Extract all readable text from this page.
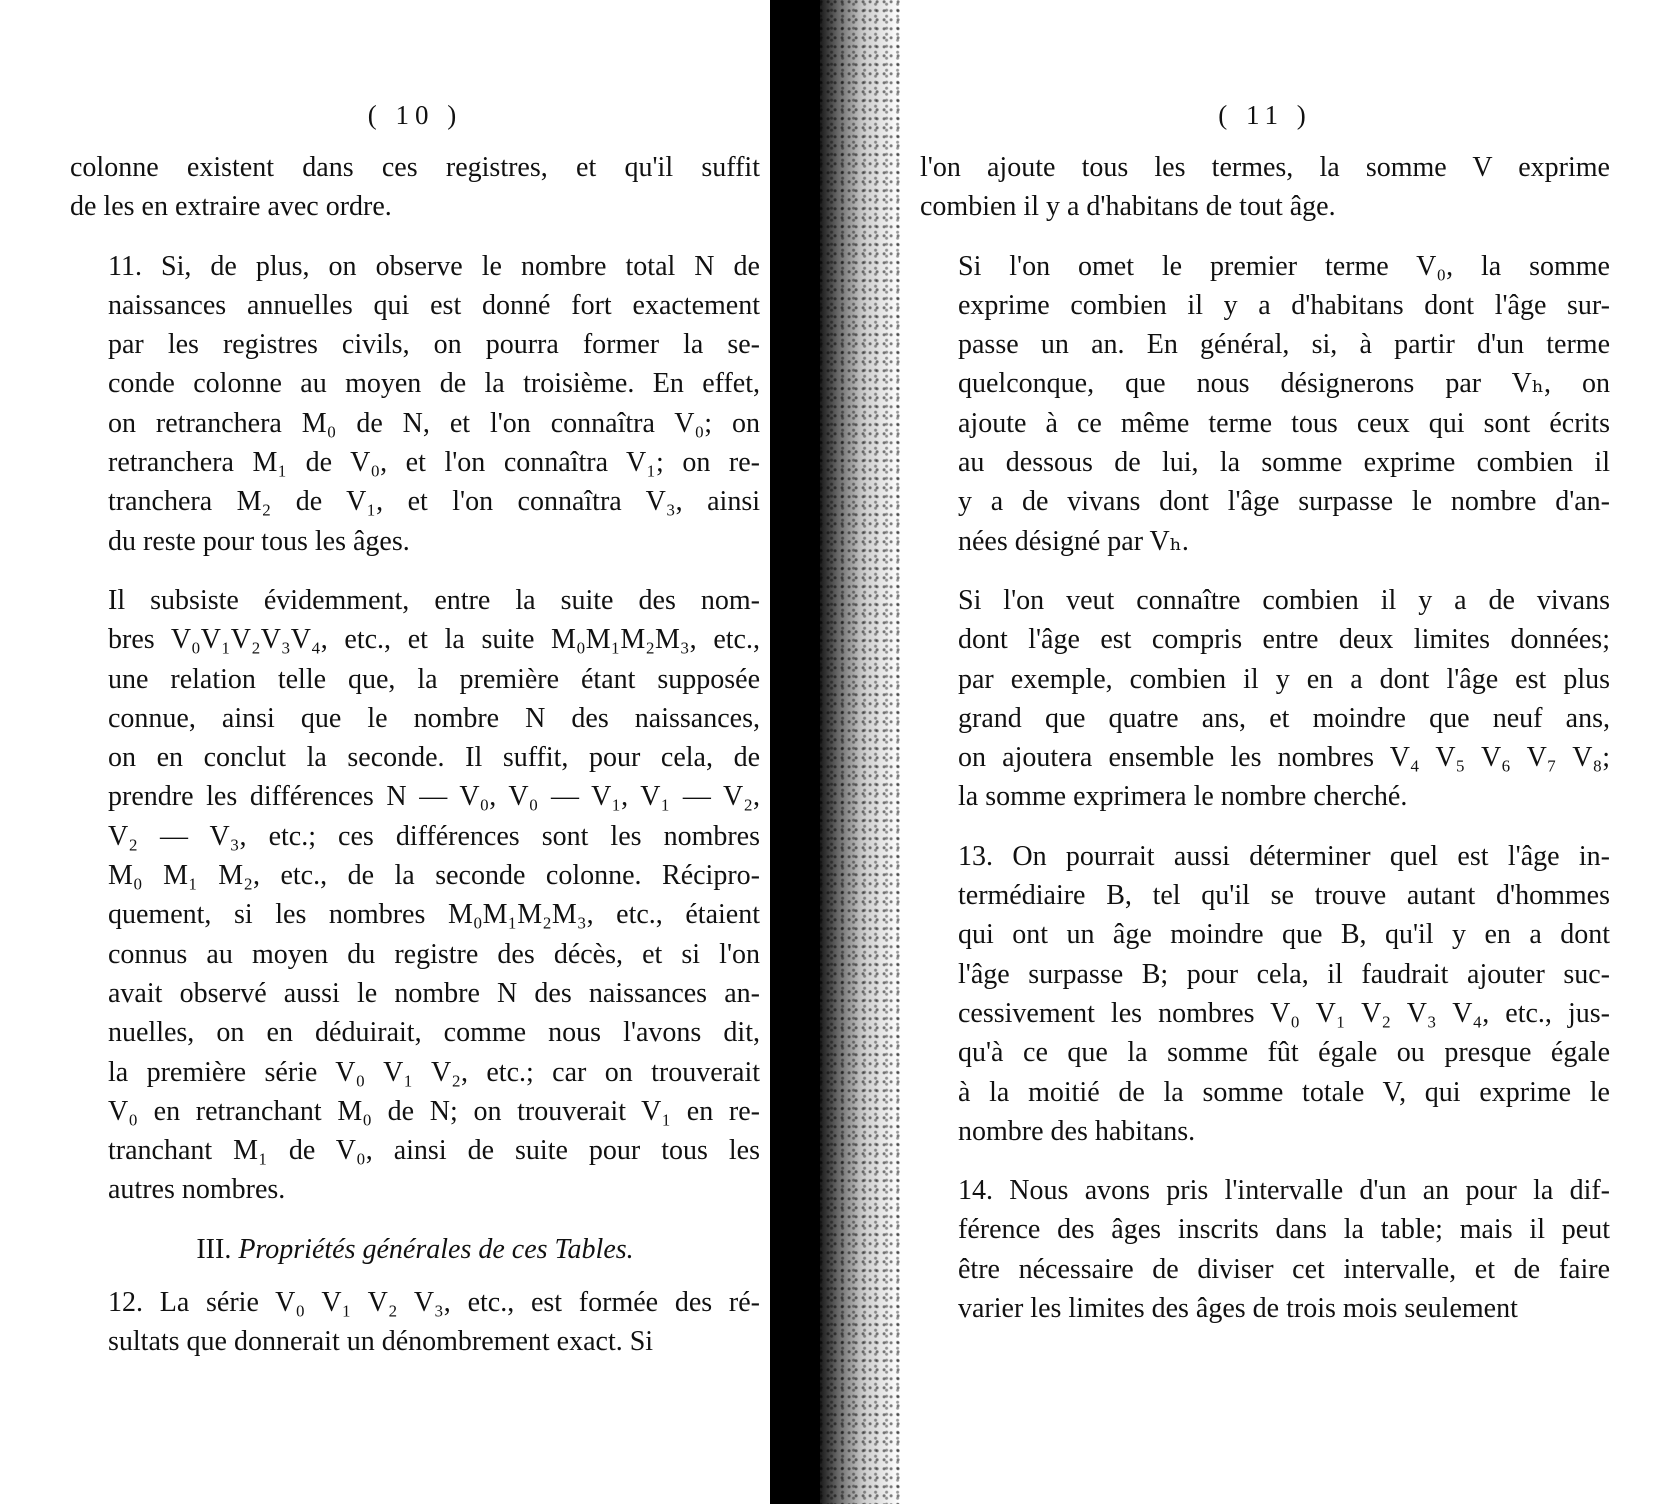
( 10 )

colonne existent dans ces registres, et qu'il suffit
de les en extraire avec ordre.

11. Si, de plus, on observe le nombre total N de
naissances annuelles qui est donné fort exactement
par les registres civils, on pourra former la se-
conde colonne au moyen de la troisième. En effet,
on retranchera M₀ de N, et l'on connaîtra V₀; on
retranchera M₁ de V₀, et l'on connaîtra V₁; on re-
tranchera M₂ de V₁, et l'on connaîtra V₃, ainsi
du reste pour tous les âges.

Il subsiste évidemment, entre la suite des nom-
bres V₀V₁V₂V₃V₄, etc., et la suite M₀M₁M₂M₃, etc.,
une relation telle que, la première étant supposée
connue, ainsi que le nombre N des naissances,
on en conclut la seconde. Il suffit, pour cela, de
prendre les différences N — V₀, V₀ — V₁, V₁ — V₂,
V₂ — V₃, etc.; ces différences sont les nombres
M₀ M₁ M₂, etc., de la seconde colonne. Récipro-
quement, si les nombres M₀M₁M₂M₃, etc., étaient
connus au moyen du registre des décès, et si l'on
avait observé aussi le nombre N des naissances an-
nuelles, on en déduirait, comme nous l'avons dit,
la première série V₀ V₁ V₂, etc.; car on trouverait
V₀ en retranchant M₀ de N; on trouverait V₁ en re-
tranchant M₁ de V₀, ainsi de suite pour tous les
autres nombres.

III. Propriétés générales de ces Tables.

12. La série V₀ V₁ V₂ V₃, etc., est formée des ré-
sultats que donnerait un dénombrement exact. Si

( 11 )

l'on ajoute tous les termes, la somme V exprime
combien il y a d'habitans de tout âge.

Si l'on omet le premier terme V₀, la somme
exprime combien il y a d'habitans dont l'âge sur-
passe un an. En général, si, à partir d'un terme
quelconque, que nous désignerons par Vₕ, on
ajoute à ce même terme tous ceux qui sont écrits
au dessous de lui, la somme exprime combien il
y a de vivans dont l'âge surpasse le nombre d'an-
nées désigné par Vₕ.

Si l'on veut connaître combien il y a de vivans
dont l'âge est compris entre deux limites données;
par exemple, combien il y en a dont l'âge est plus
grand que quatre ans, et moindre que neuf ans,
on ajoutera ensemble les nombres V₄ V₅ V₆ V₇ V₈;
la somme exprimera le nombre cherché.

13. On pourrait aussi déterminer quel est l'âge in-
termédiaire B, tel qu'il se trouve autant d'hommes
qui ont un âge moindre que B, qu'il y en a dont
l'âge surpasse B; pour cela, il faudrait ajouter suc-
cessivement les nombres V₀ V₁ V₂ V₃ V₄, etc., jus-
qu'à ce que la somme fût égale ou presque égale
à la moitié de la somme totale V, qui exprime le
nombre des habitans.

14. Nous avons pris l'intervalle d'un an pour la dif-
férence des âges inscrits dans la table; mais il peut
être nécessaire de diviser cet intervalle, et de faire
varier les limites des âges de trois mois seulement
